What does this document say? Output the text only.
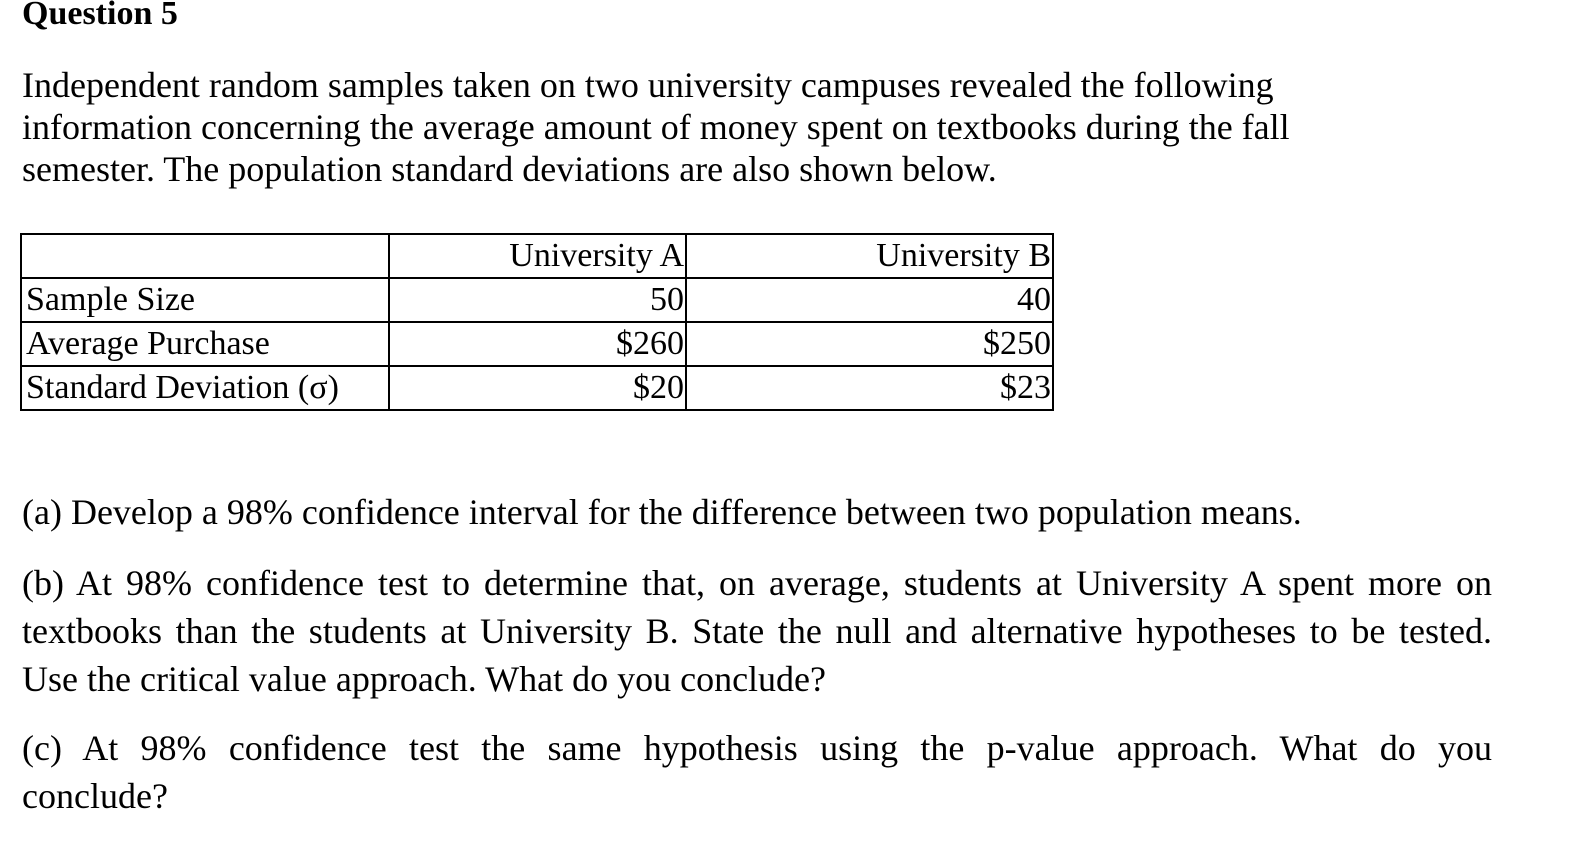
Question 5
Independent random samples taken on two university campuses revealed the following
information concerning the average amount of money spent on textbooks during the fall
semester. The population standard deviations are also shown below.
	University A	University B
Sample Size	50	40
Average Purchase	$260	$250
Standard Deviation (σ)	$20	$23
(a) Develop a 98% confidence interval for the difference between two population means.
(b) At 98% confidence test to determine that, on average, students at University A spent more on
textbooks than the students at University B. State the null and alternative hypotheses to be tested.
Use the critical value approach. What do you conclude?
(c) At 98% confidence test the same hypothesis using the p-value approach. What do you
conclude?
